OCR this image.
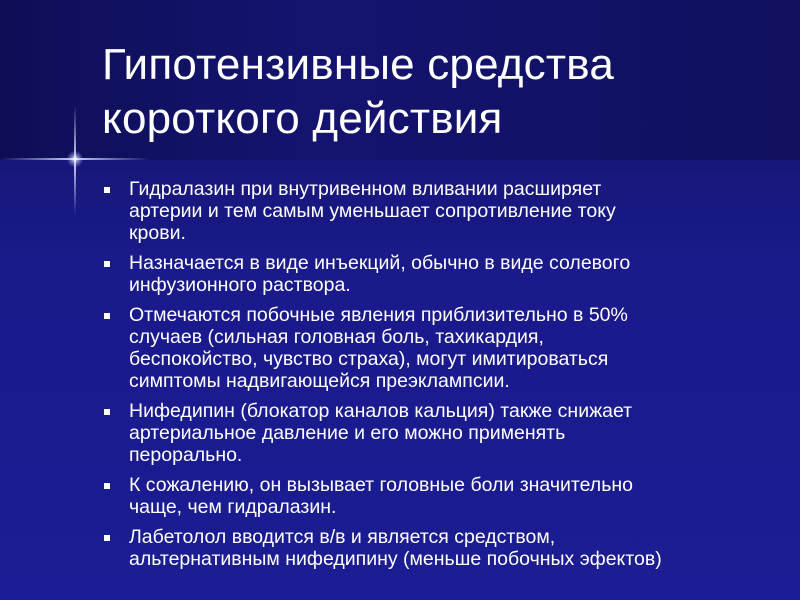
Гипотензивные средства
короткого действия
Гидралазин при внутривенном вливании расширяет
артерии и тем самым уменьшает сопротивление току
крови.
Назначается в виде инъекций, обычно в виде солевого
инфузионного раствора.
Отмечаются побочные явления приблизительно в 50%
случаев (сильная головная боль, тахикардия,
беспокойство, чувство страха), могут имитироваться
симптомы надвигающейся преэклампсии.
Нифедипин (блокатор каналов кальция) также снижает
артериальное давление и его можно применять
перорально.
К сожалению, он вызывает головные боли значительно
чаще, чем гидралазин.
Лабетолол вводится в/в и является средством,
альтернативным нифедипину (меньше побочных эфектов)
